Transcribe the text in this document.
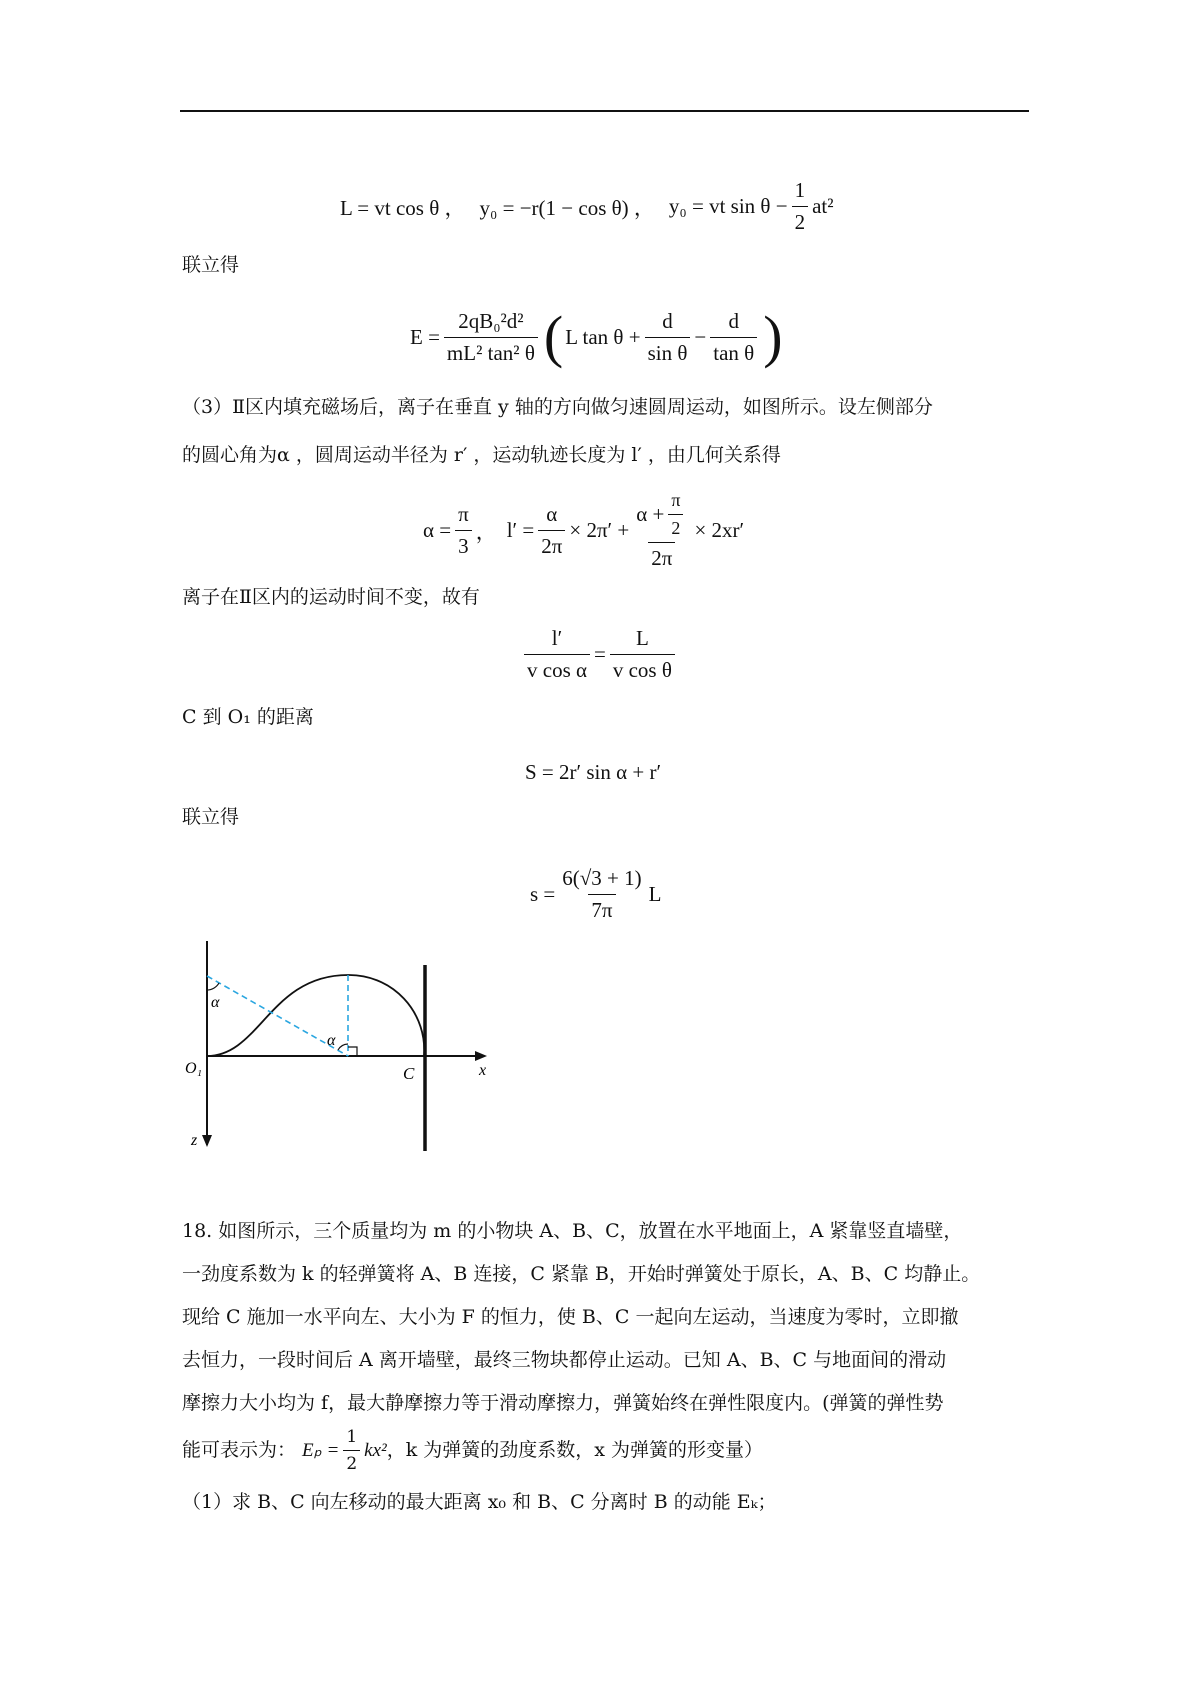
L = vt cos θ ， y₀ = −r(1 − cos θ) ， y₀ = vt $\sin \theta - \frac{1}{2} at^2$
联立得
$E = \frac{\text{2qB₀²d²}}{\text{mL² tan² θ}}$ ( L $\tan \theta + \frac{d}{\text{sin θ}} - \frac{d}{\text{tan θ}}$ )
（3）Ⅱ区内填充磁场后，离子在垂直 y 轴的方向做匀速圆周运动，如图所示。设左侧部分
的圆心角为α ，圆周运动半径为 r′ ，运动轨迹长度为 l′ ，由几何关系得
$\alpha = \frac{\pi}{3}$ ， $l' = \frac{\alpha}{2\pi} \times 2\pi' + \frac{\alpha + \frac{\pi}{2}}{2\pi} \times 2xr'$
离子在Ⅱ区内的运动时间不变，故有
$\frac{l'}{\text{v cos α}} = \frac{L}{\text{v cos θ}}$
C 到 O₁ 的距离
S = 2r′ sin α + r′
联立得
$s = \frac{6(√3 + 1)}{7\pi}$ L
α
α
O₁	C	x
z
18. 如图所示，三个质量均为 m 的小物块 A、B、C，放置在水平地面上，A 紧靠竖直墙壁，
一劲度系数为 k 的轻弹簧将 A、B 连接，C 紧靠 B，开始时弹簧处于原长，A、B、C 均静止。
现给 C 施加一水平向左、大小为 F 的恒力，使 B、C 一起向左运动，当速度为零时，立即撤
去恒力，一段时间后 A 离开墙壁，最终三物块都停止运动。已知 A、B、C 与地面间的滑动
摩擦力大小均为 f，最大静摩擦力等于滑动摩擦力，弹簧始终在弹性限度内。(弹簧的弹性势
能可表示为： $E_p = \frac{1}{2} kx^2$ ，k 为弹簧的劲度系数，x 为弹簧的形变量）
（1）求 B、C 向左移动的最大距离 x₀ 和 B、C 分离时 B 的动能 Eₖ；
